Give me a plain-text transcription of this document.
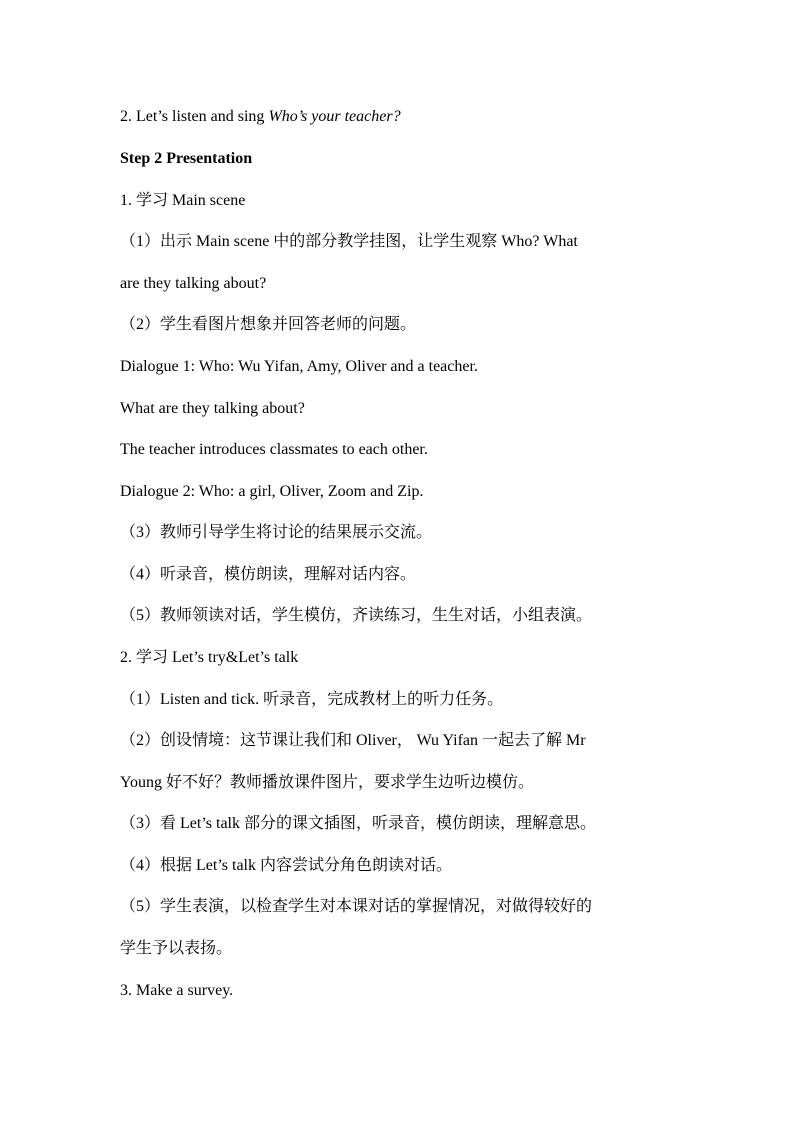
2. Let’s listen and sing Who’s your teacher?
Step 2 Presentation
1. 学习 Main scene
（1）出示 Main scene 中的部分教学挂图，让学生观察 Who? What
are they talking about?
（2）学生看图片想象并回答老师的问题。
Dialogue 1: Who: Wu Yifan, Amy, Oliver and a teacher.
What are they talking about?
The teacher introduces classmates to each other.
Dialogue 2: Who: a girl, Oliver, Zoom and Zip.
（3）教师引导学生将讨论的结果展示交流。
（4）听录音，模仿朗读，理解对话内容。
（5）教师领读对话，学生模仿，齐读练习，生生对话，小组表演。
2. 学习 Let’s try&Let’s talk
（1）Listen and tick. 听录音，完成教材上的听力任务。
（2）创设情境：这节课让我们和 Oliver， Wu Yifan 一起去了解 Mr
Young 好不好？教师播放课件图片，要求学生边听边模仿。
（3）看 Let’s talk 部分的课文插图，听录音，模仿朗读，理解意思。
（4）根据 Let’s talk 内容尝试分角色朗读对话。
（5）学生表演，以检查学生对本课对话的掌握情况，对做得较好的
学生予以表扬。
3. Make a survey.
